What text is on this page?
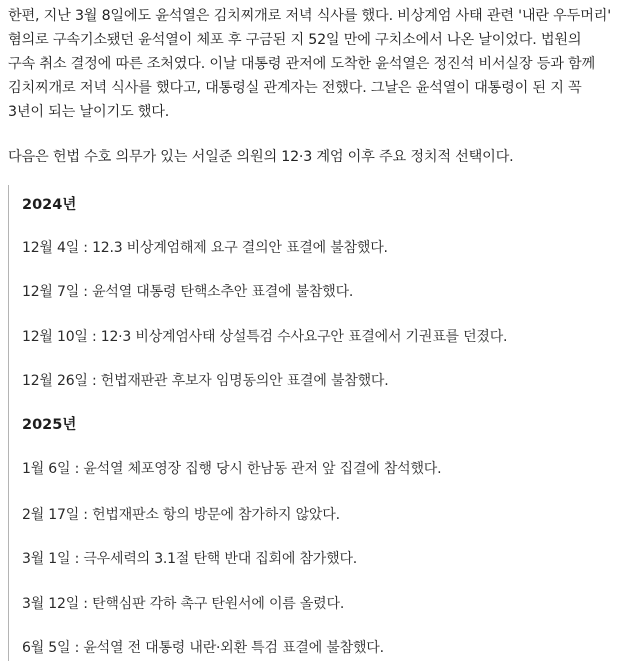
한편, 지난 3월 8일에도 윤석열은 김치찌개로 저녁 식사를 했다. 비상계엄 사태 관련 '내란 우두머리' 혐의로 구속기소됐던 윤석열이 체포 후 구금된 지 52일 만에 구치소에서 나온 날이었다. 법원의 구속 취소 결정에 따른 조처였다. 이날 대통령 관저에 도착한 윤석열은 정진석 비서실장 등과 함께 김치찌개로 저녁 식사를 했다고, 대통령실 관계자는 전했다. 그날은 윤석열이 대통령이 된 지 꼭 3년이 되는 날이기도 했다.
다음은 헌법 수호 의무가 있는 서일준 의원의 12·3 계엄 이후 주요 정치적 선택이다.
2024년
12월 4일 : 12.3 비상계엄해제 요구 결의안 표결에 불참했다.
12월 7일 : 윤석열 대통령 탄핵소추안 표결에 불참했다.
12월 10일 : 12·3 비상계엄사태 상설특검 수사요구안 표결에서 기권표를 던졌다.
12월 26일 : 헌법재판관 후보자 임명동의안 표결에 불참했다.
2025년
1월 6일 : 윤석열 체포영장 집행 당시 한남동 관저 앞 집결에 참석했다.
2월 17일 : 헌법재판소 항의 방문에 참가하지 않았다.
3월 1일 : 극우세력의 3.1절 탄핵 반대 집회에 참가했다.
3월 12일 : 탄핵심판 각하 촉구 탄원서에 이름 올렸다.
6월 5일 : 윤석열 전 대통령 내란·외환 특검 표결에 불참했다.
